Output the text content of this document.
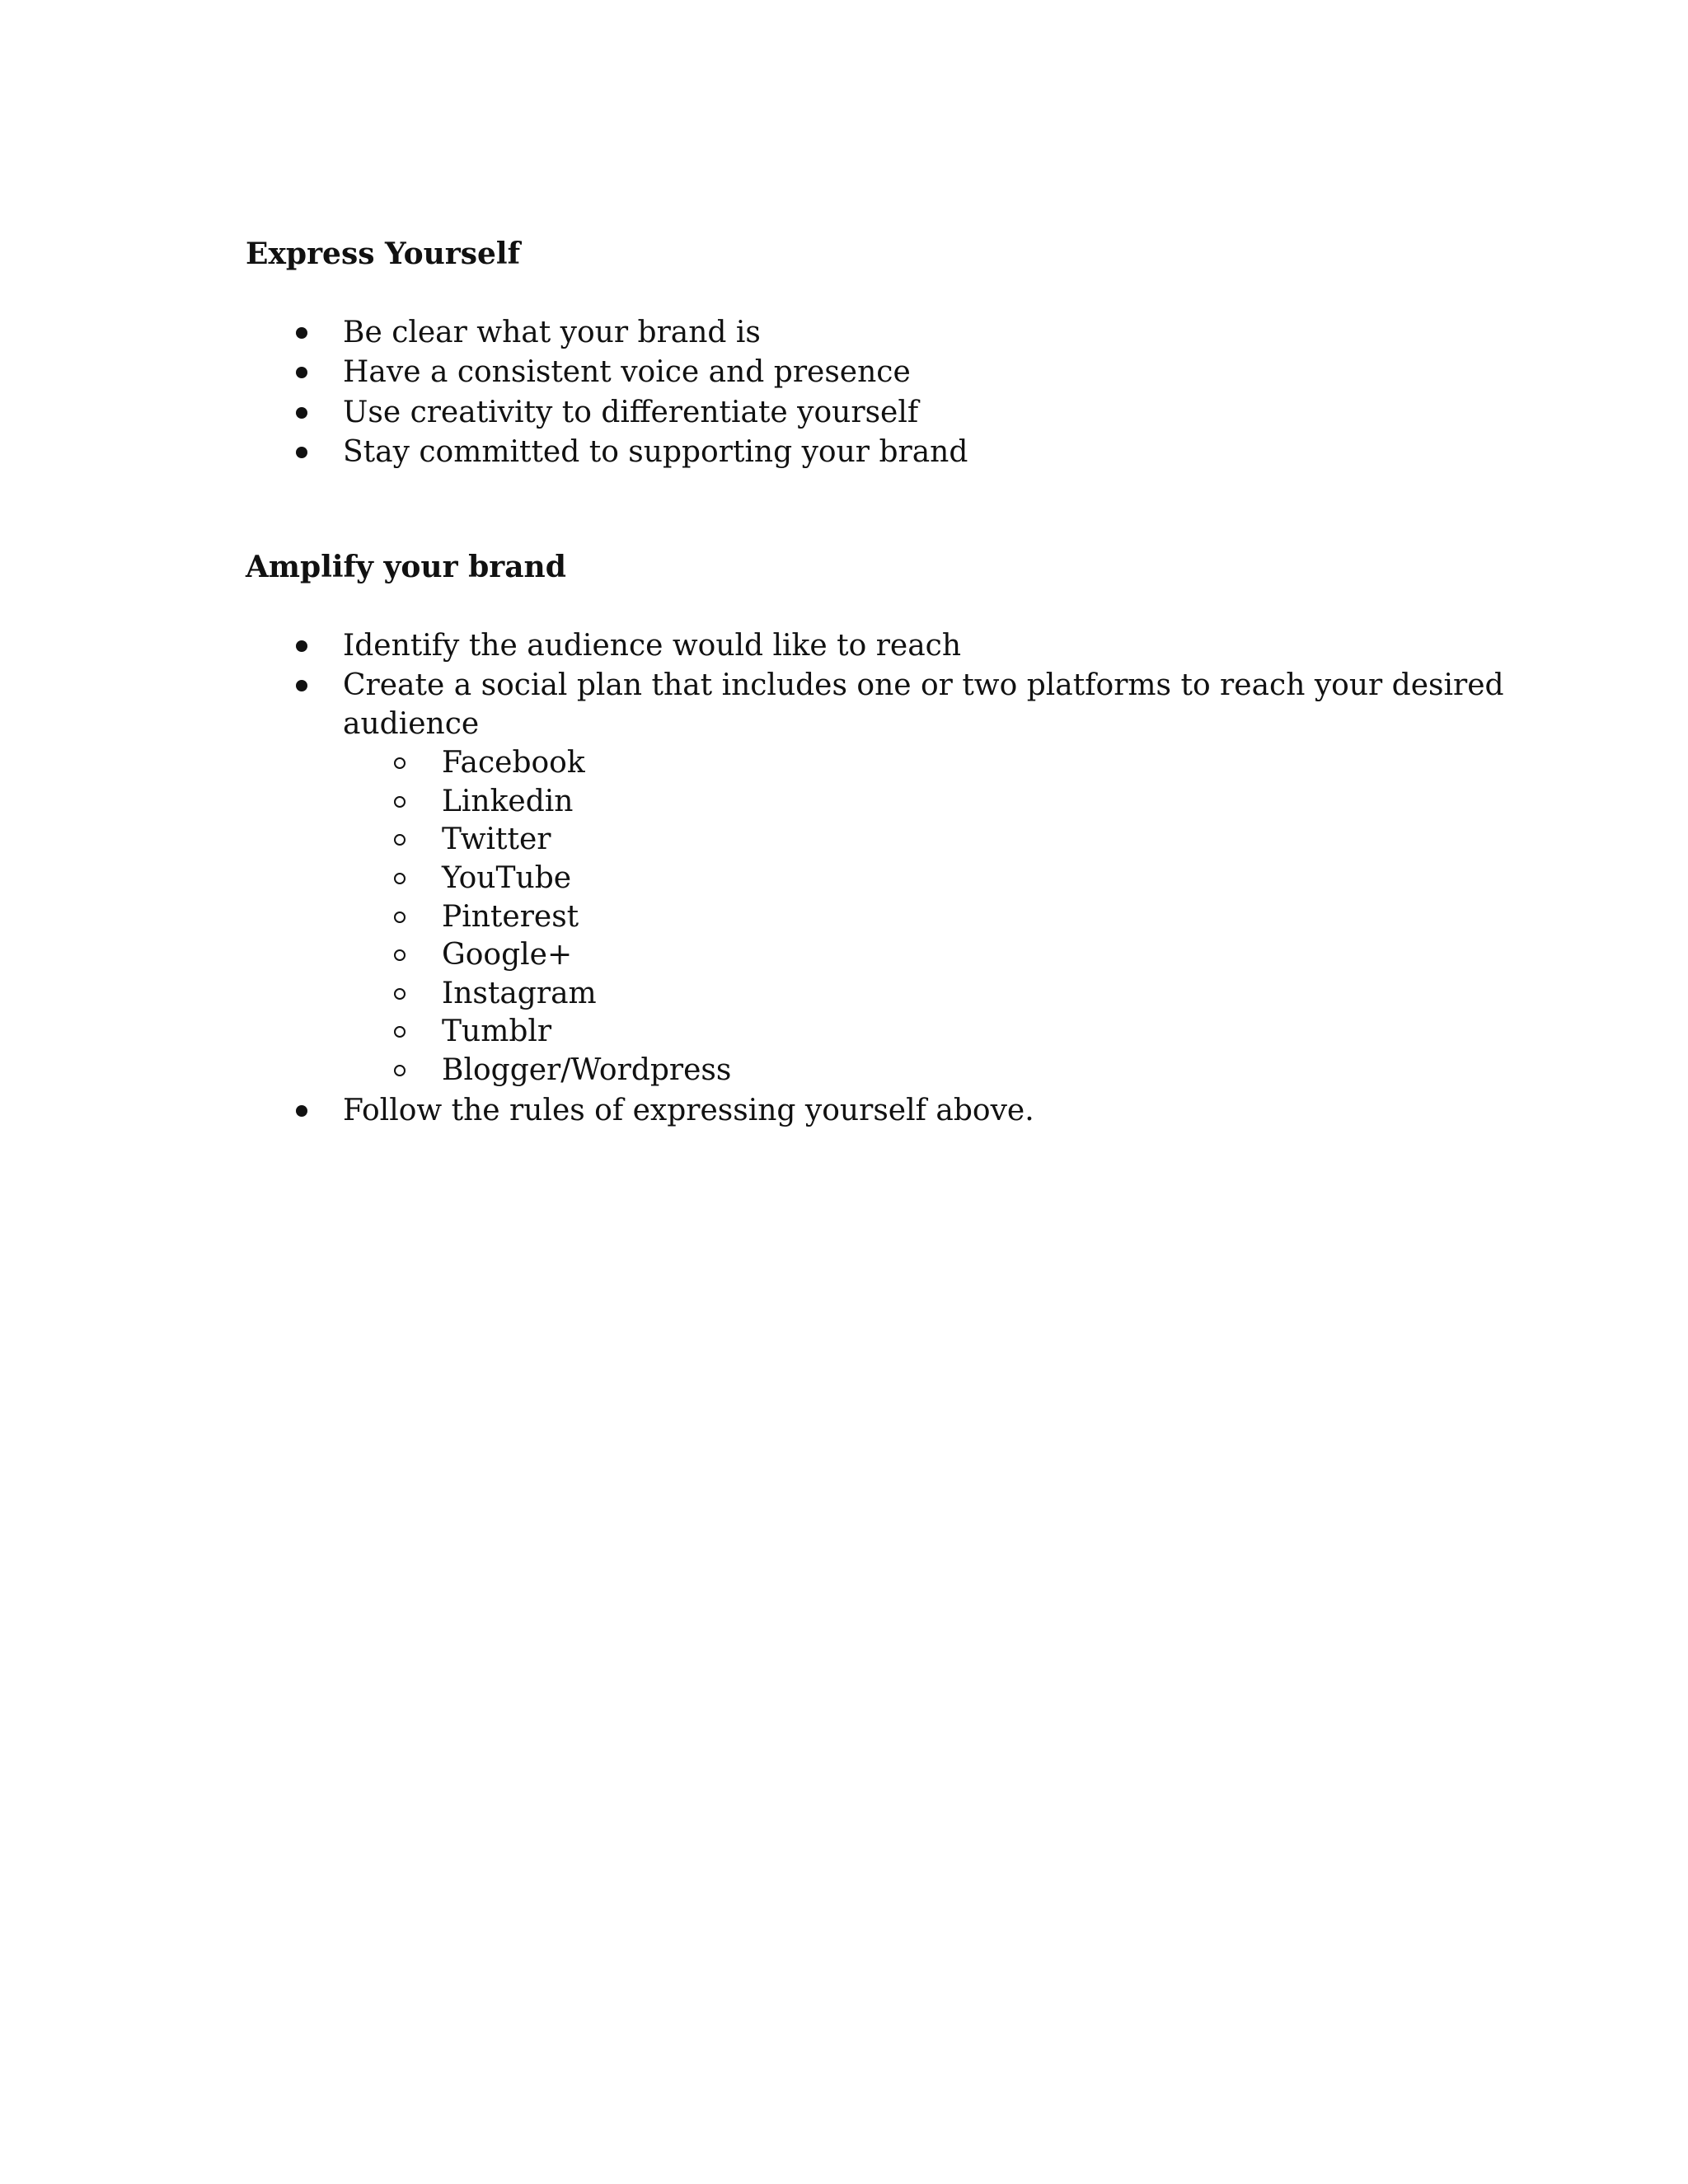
Express Yourself

Be clear what your brand is

Have a consistent voice and presence

Use creativity to differentiate yourself

Stay committed to supporting your brand

Amplify your brand

Identify the audience would like to reach

Create a social plan that includes one or two platforms to reach your desired

audience

Facebook

Linkedin

Twitter

YouTube

Pinterest

Google+

Instagram

Tumblr

Blogger/Wordpress

Follow the rules of expressing yourself above.
